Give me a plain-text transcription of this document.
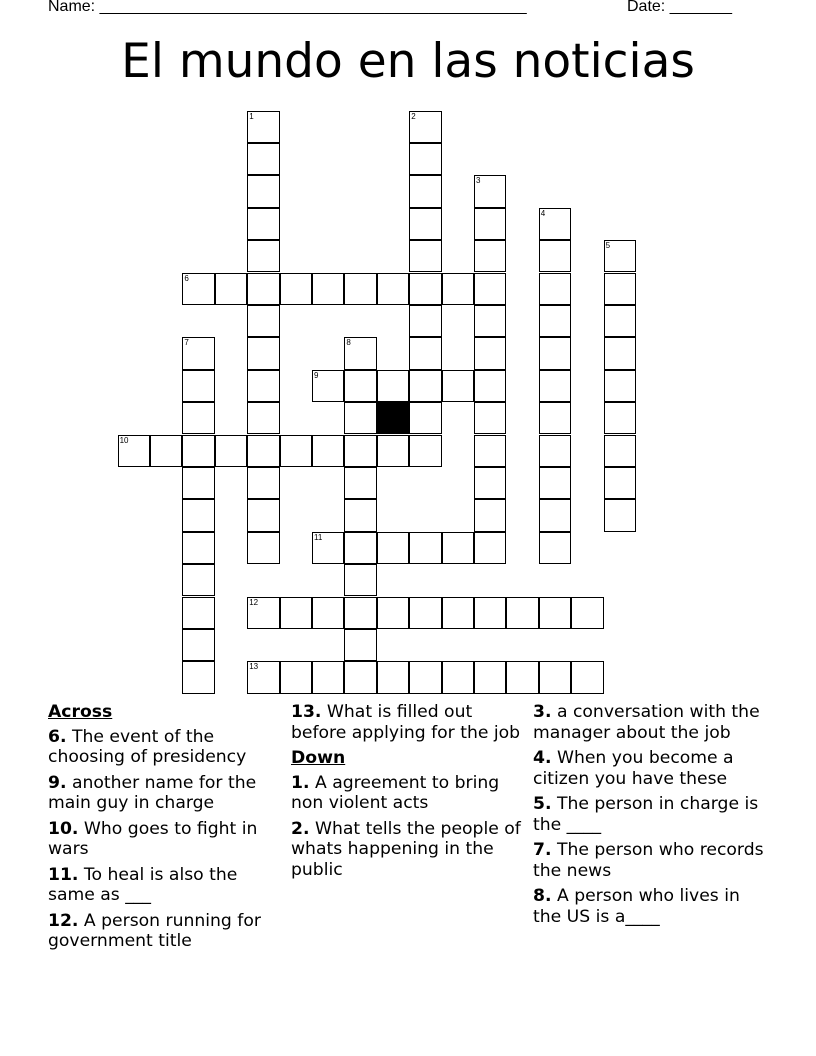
Name: ________________________________________________	Date: _______
El mundo en las noticias
1	2
3
4
5
6
7	8
9
10
11
12
13
Across
6. The event of the choosing of presidency
9. another name for the main guy in charge
10. Who goes to fight in wars
11. To heal is also the same as ___
12. A person running for government title
13. What is filled out before applying for the job
Down
1. A agreement to bring non violent acts
2. What tells the people of whats happening in the public
3. a conversation with the manager about the job
4. When you become a citizen you have these
5. The person in charge is the ____
7. The person who records the news
8. A person who lives in the US is a____
